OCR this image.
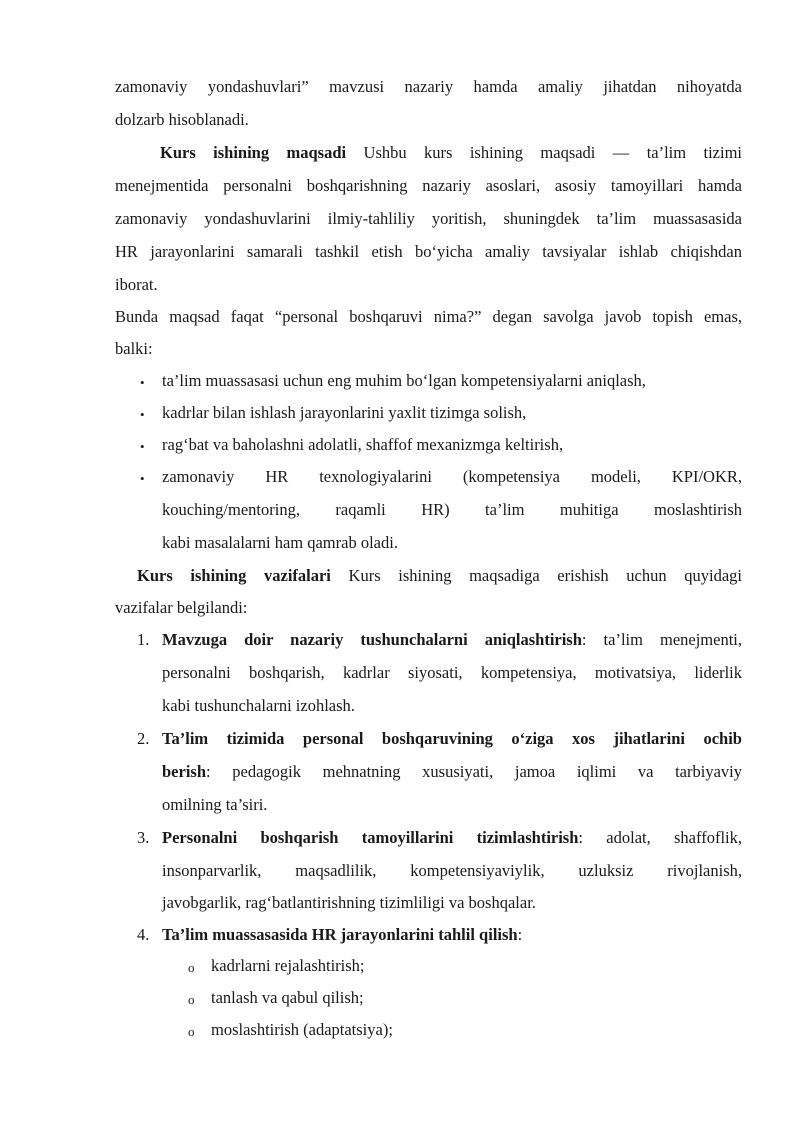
zamonaviy yondashuvlari” mavzusi nazariy hamda amaliy jihatdan nihoyatda
dolzarb hisoblanadi.
Kurs ishining maqsadi Ushbu kurs ishining maqsadi — ta’lim tizimi
menejmentida personalni boshqarishning nazariy asoslari, asosiy tamoyillari hamda
zamonaviy yondashuvlarini ilmiy-tahliliy yoritish, shuningdek ta’lim muassasasida
HR jarayonlarini samarali tashkil etish bo‘yicha amaliy tavsiyalar ishlab chiqishdan
iborat.
Bunda maqsad faqat “personal boshqaruvi nima?” degan savolga javob topish emas,
balki:
• ta’lim muassasasi uchun eng muhim bo‘lgan kompetensiyalarni aniqlash,
• kadrlar bilan ishlash jarayonlarini yaxlit tizimga solish,
• rag‘bat va baholashni adolatli, shaffof mexanizmga keltirish,
• zamonaviy HR texnologiyalarini (kompetensiya modeli, KPI/OKR,
kouching/mentoring, raqamli HR) ta’lim muhitiga moslashtirish
kabi masalalarni ham qamrab oladi.
Kurs ishining vazifalari Kurs ishining maqsadiga erishish uchun quyidagi
vazifalar belgilandi:
1. Mavzuga doir nazariy tushunchalarni aniqlashtirish: ta’lim menejmenti,
personalni boshqarish, kadrlar siyosati, kompetensiya, motivatsiya, liderlik
kabi tushunchalarni izohlash.
2. Ta’lim tizimida personal boshqaruvining o‘ziga xos jihatlarini ochib
berish: pedagogik mehnatning xususiyati, jamoa iqlimi va tarbiyaviy
omilning ta’siri.
3. Personalni boshqarish tamoyillarini tizimlashtirish: adolat, shaffoflik,
insonparvarlik, maqsadlilik, kompetensiyaviylik, uzluksiz rivojlanish,
javobgarlik, rag‘batlantirishning tizimliligi va boshqalar.
4. Ta’lim muassasasida HR jarayonlarini tahlil qilish:
o kadrlarni rejalashtirish;
o tanlash va qabul qilish;
o moslashtirish (adaptatsiya);
